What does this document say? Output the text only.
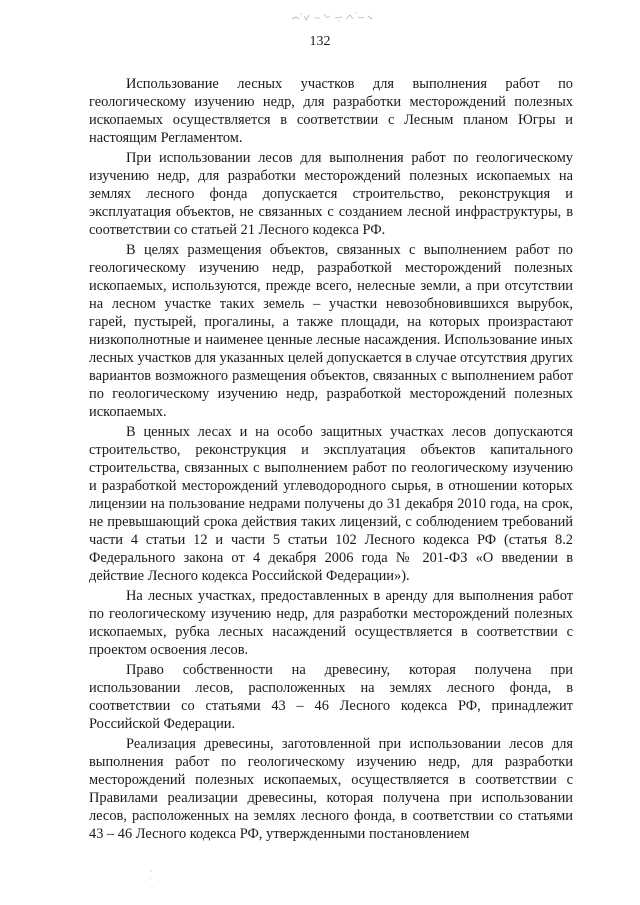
132

Использование лесных участков для выполнения работ по геологическому изучению недр, для разработки месторождений полезных ископаемых осуществляется в соответствии с Лесным планом Югры и настоящим Регламентом.

При использовании лесов для выполнения работ по геологическому изучению недр, для разработки месторождений полезных ископаемых на землях лесного фонда допускается строительство, реконструкция и эксплуатация объектов, не связанных с созданием лесной инфраструктуры, в соответствии со статьей 21 Лесного кодекса РФ.

В целях размещения объектов, связанных с выполнением работ по геологическому изучению недр, разработкой месторождений полезных ископаемых, используются, прежде всего, нелесные земли, а при отсутствии на лесном участке таких земель – участки невозобновившихся вырубок, гарей, пустырей, прогалины, а также площади, на которых произрастают низкополнотные и наименее ценные лесные насаждения. Использование иных лесных участков для указанных целей допускается в случае отсутствия других вариантов возможного размещения объектов, связанных с выполнением работ по геологическому изучению недр, разработкой месторождений полезных ископаемых.

В ценных лесах и на особо защитных участках лесов допускаются строительство, реконструкция и эксплуатация объектов капитального строительства, связанных с выполнением работ по геологическому изучению и разработкой месторождений углеводородного сырья, в отношении которых лицензии на пользование недрами получены до 31 декабря 2010 года, на срок, не превышающий срока действия таких лицензий, с соблюдением требований части 4 статьи 12 и части 5 статьи 102 Лесного кодекса РФ (статья 8.2 Федерального закона от 4 декабря 2006 года № 201-ФЗ «О введении в действие Лесного кодекса Российской Федерации»).

На лесных участках, предоставленных в аренду для выполнения работ по геологическому изучению недр, для разработки месторождений полезных ископаемых, рубка лесных насаждений осуществляется в соответствии с проектом освоения лесов.

Право собственности на древесину, которая получена при использовании лесов, расположенных на землях лесного фонда, в соответствии со статьями 43 – 46 Лесного кодекса РФ, принадлежит Российской Федерации.

Реализация древесины, заготовленной при использовании лесов для выполнения работ по геологическому изучению недр, для разработки месторождений полезных ископаемых, осуществляется в соответствии с Правилами реализации древесины, которая получена при использовании лесов, расположенных на землях лесного фонда, в соответствии со статьями 43 – 46 Лесного кодекса РФ, утвержденными постановлением
